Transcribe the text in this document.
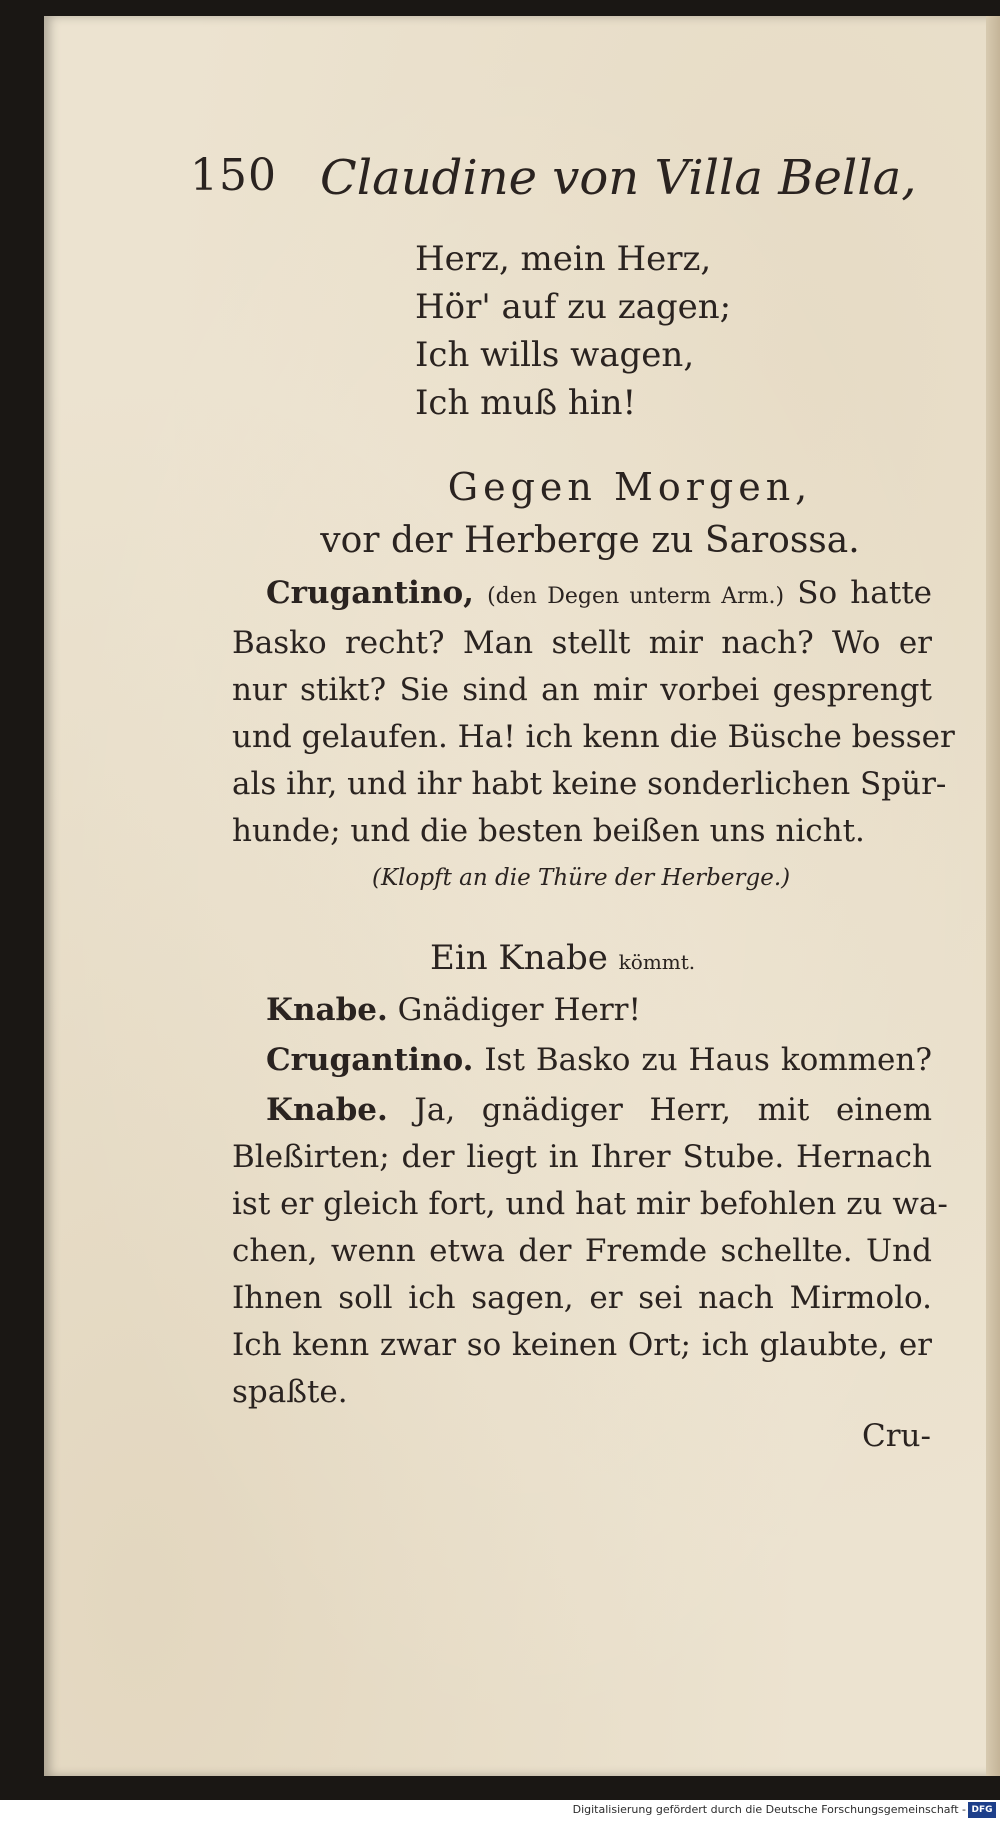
150 Claudine von Villa Bella,
Herz, mein Herz,
Hör' auf zu zagen;
Ich wills wagen,
Ich muß hin!
Gegen Morgen,
vor der Herberge zu Sarossa.
Crugantino, (den Degen unterm Arm.) So hatte
Basko recht? Man stellt mir nach? Wo er
nur stikt? Sie sind an mir vorbei gesprengt
und gelaufen. Ha! ich kenn die Büsche besser
als ihr, und ihr habt keine sonderlichen Spür-
hunde; und die besten beißen uns nicht.
(Klopft an die Thüre der Herberge.)
Ein Knabe kömmt.
Knabe. Gnädiger Herr!
Crugantino. Ist Basko zu Haus kommen?
Knabe. Ja, gnädiger Herr, mit einem
Bleßirten; der liegt in Ihrer Stube. Hernach
ist er gleich fort, und hat mir befohlen zu wa-
chen, wenn etwa der Fremde schellte. Und
Ihnen soll ich sagen, er sei nach Mirmolo.
Ich kenn zwar so keinen Ort; ich glaubte, er
spaßte.
Cru-
Digitalisierung gefördert durch die Deutsche Forschungsgemeinschaft - DFG
